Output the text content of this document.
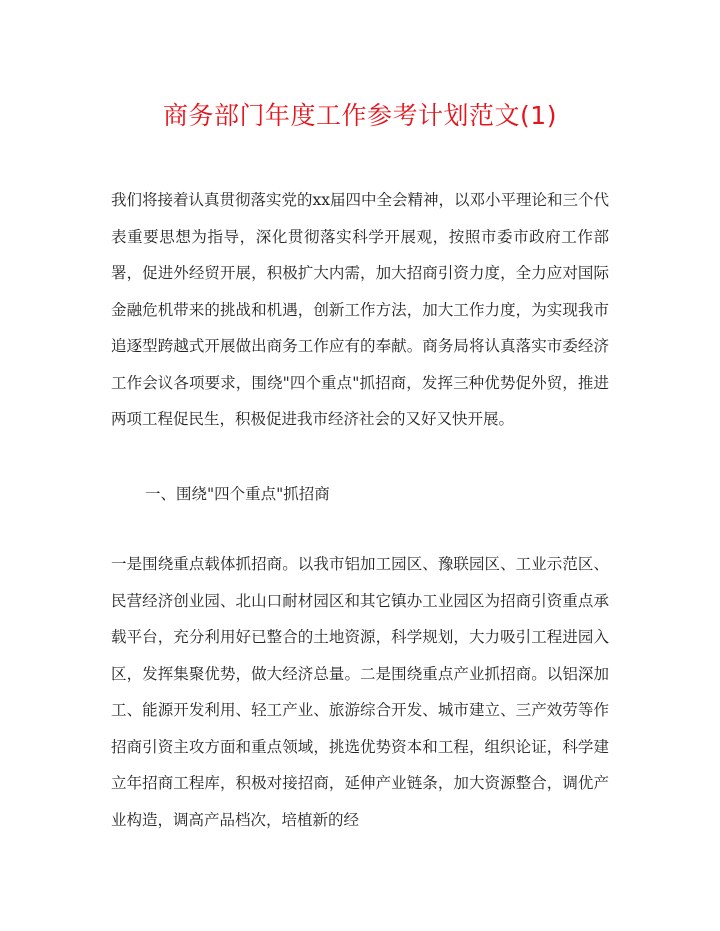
商务部门年度工作参考计划范文(1)

我们将接着认真贯彻落实党的xx届四中全会精神，以邓小平理论和三个代表重要思想为指导，深化贯彻落实科学开展观，按照市委市政府工作部署，促进外经贸开展，积极扩大内需，加大招商引资力度，全力应对国际金融危机带来的挑战和机遇，创新工作方法，加大工作力度，为实现我市追逐型跨越式开展做出商务工作应有的奉献。商务局将认真落实市委经济工作会议各项要求，围绕"四个重点"抓招商，发挥三种优势促外贸，推进两项工程促民生，积极促进我市经济社会的又好又快开展。

一、围绕"四个重点"抓招商

一是围绕重点载体抓招商。以我市铝加工园区、豫联园区、工业示范区、民营经济创业园、北山口耐材园区和其它镇办工业园区为招商引资重点承载平台，充分利用好已整合的土地资源，科学规划，大力吸引工程进园入区，发挥集聚优势，做大经济总量。二是围绕重点产业抓招商。以铝深加工、能源开发利用、轻工产业、旅游综合开发、城市建立、三产效劳等作招商引资主攻方面和重点领域，挑选优势资本和工程，组织论证，科学建立年招商工程库，积极对接招商，延伸产业链条，加大资源整合，调优产业构造，调高产品档次，培植新的经
